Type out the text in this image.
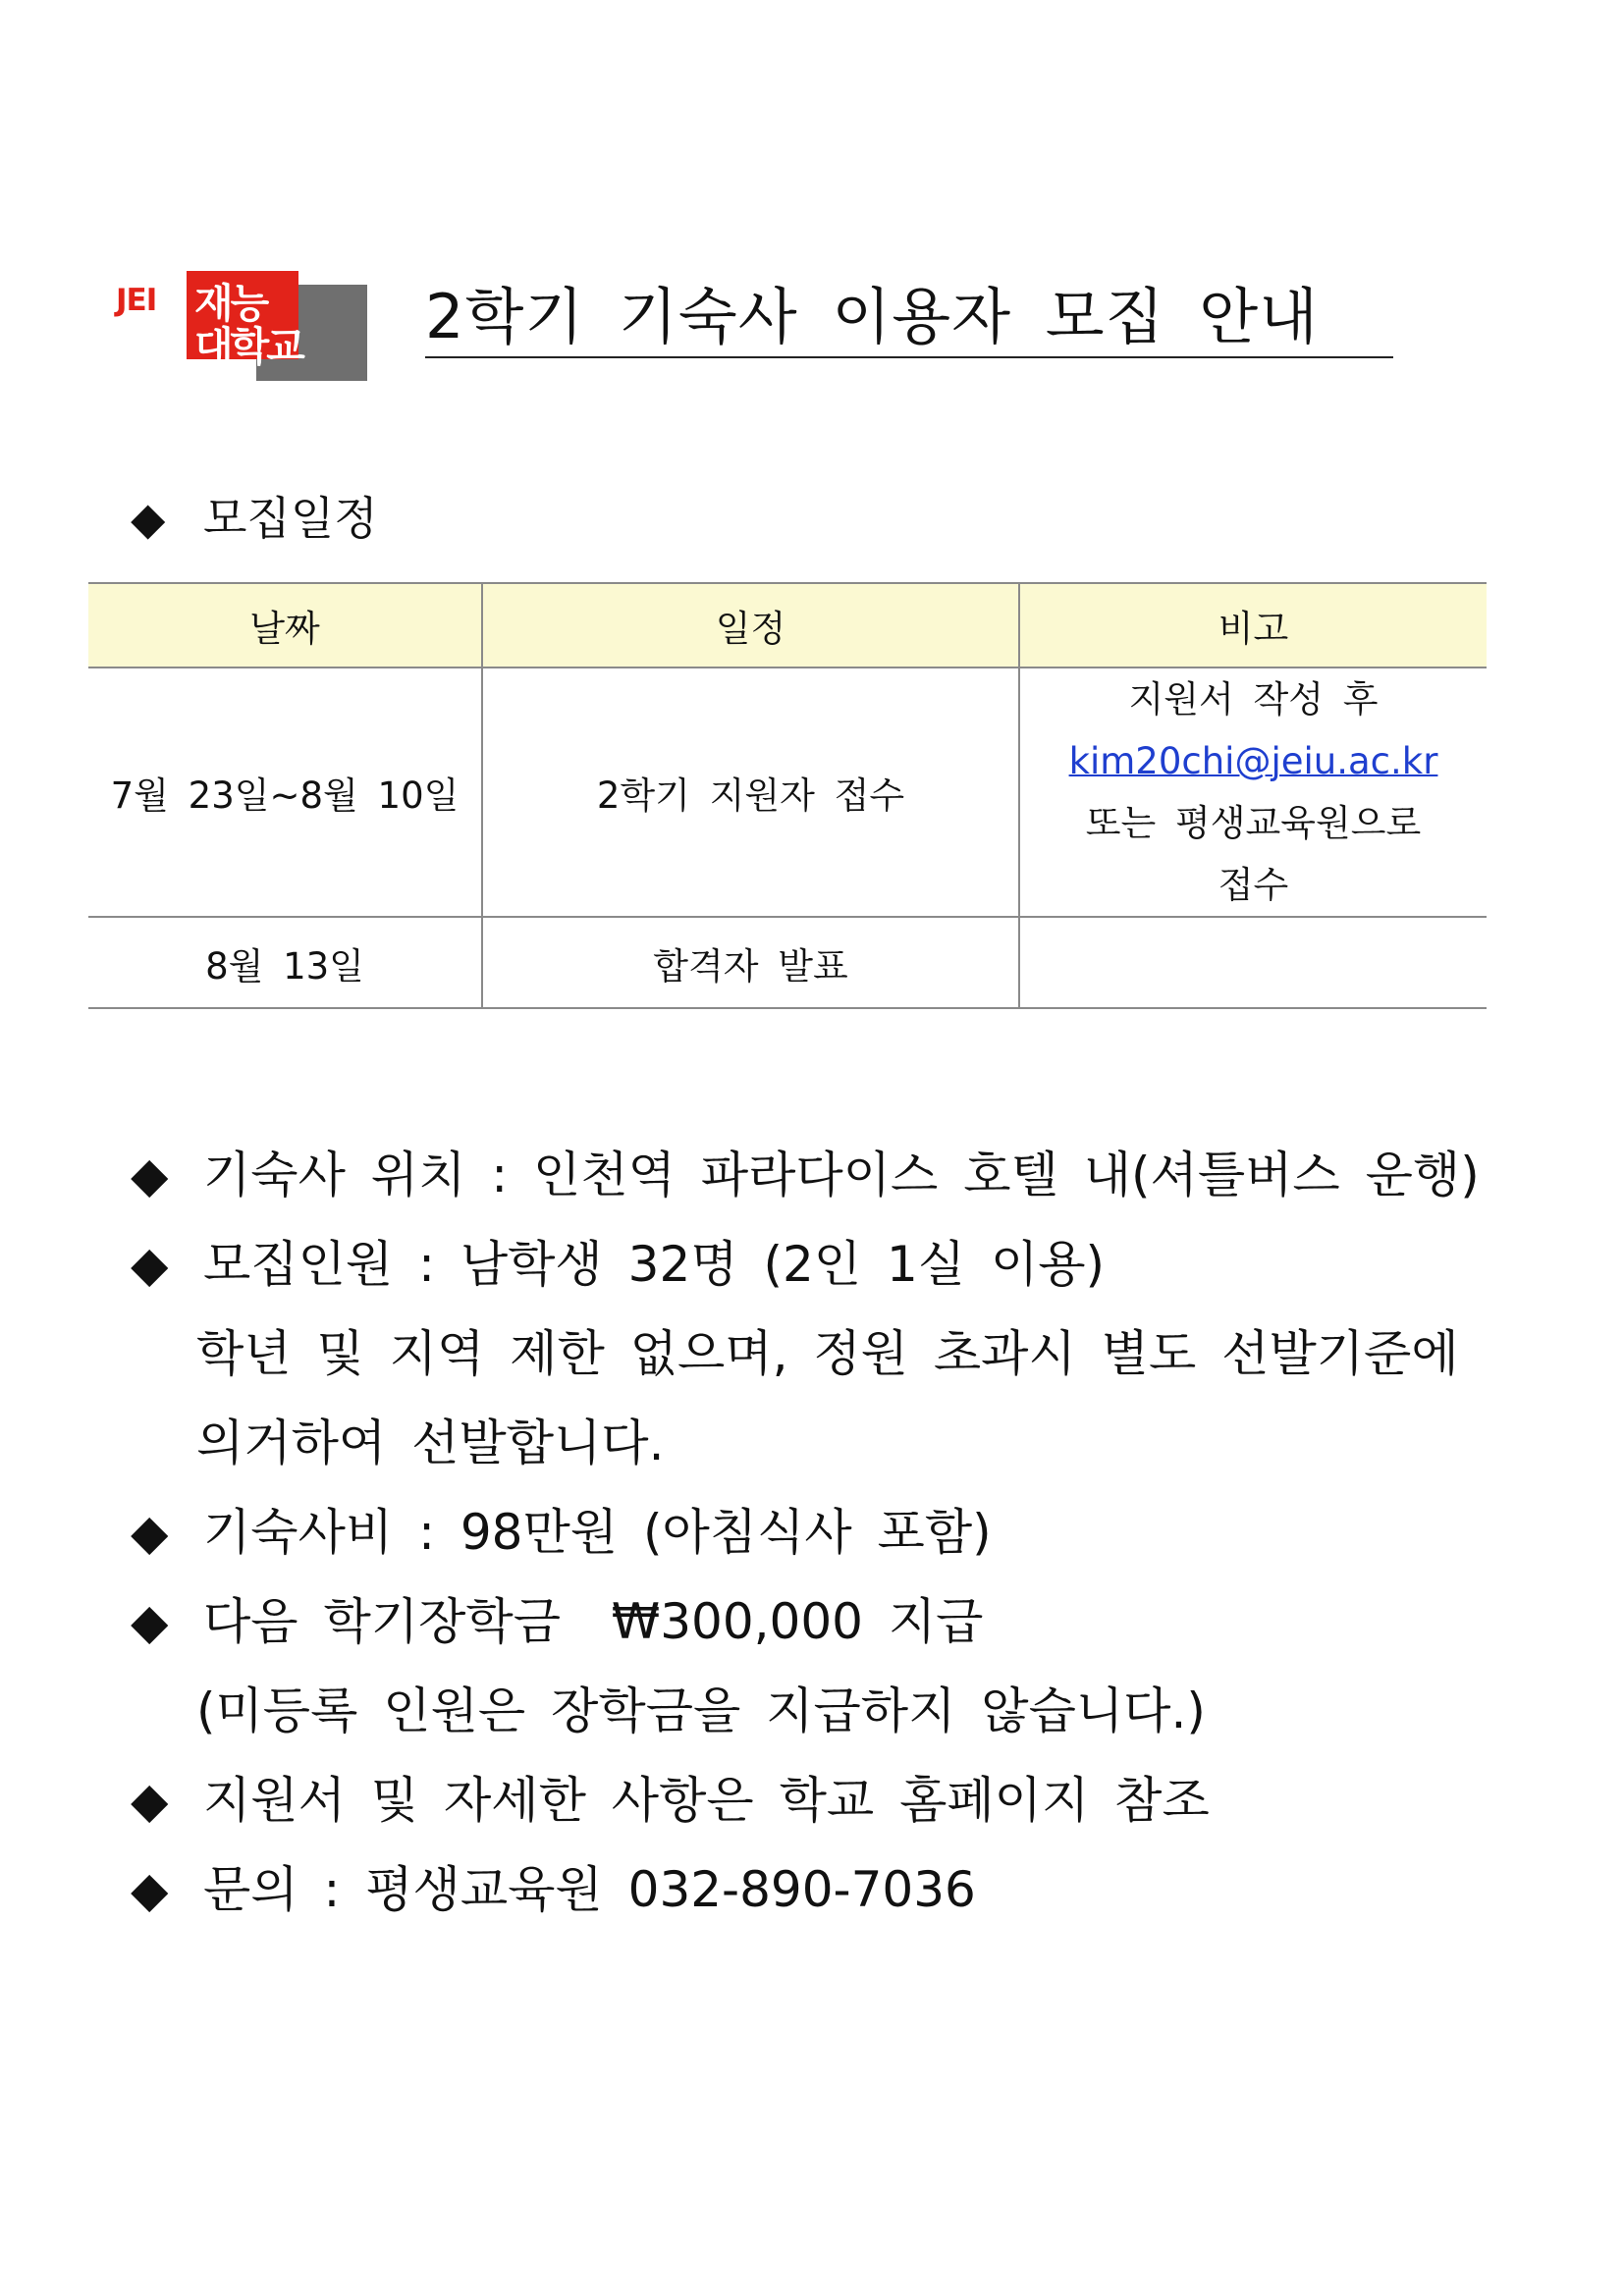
JEI 재능
대학교 2학기 기숙사 이용자 모집 안내
◆ 모집일정
날짜	일정	비고
7월 23일~8월 10일	2학기 지원자 접수	지원서 작성 후
kim20chi@jeiu.ac.kr
또는 평생교육원으로
접수

8월 13일	합격자 발표	
◆ 기숙사 위치 : 인천역 파라다이스 호텔 내(셔틀버스 운행)
◆ 모집인원 : 남학생 32명 (2인 1실 이용)
학년 및 지역 제한 없으며, 정원 초과시 별도 선발기준에
의거하여 선발합니다.
◆ 기숙사비 : 98만원 (아침식사 포함)
◆ 다음 학기장학금  ₩300,000 지급
(미등록 인원은 장학금을 지급하지 않습니다.)
◆ 지원서 및 자세한 사항은 학교 홈페이지 참조
◆ 문의 : 평생교육원 032-890-7036
